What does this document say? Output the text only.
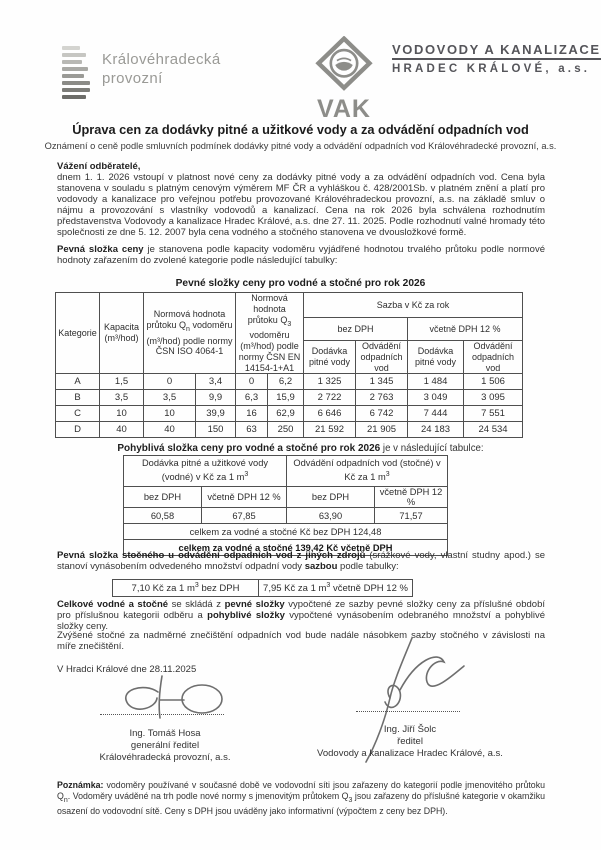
Královéhradecká
provozní
VAK
VODOVODY A KANALIZACE
HRADEC KRÁLOVÉ, a.s.
Úprava cen za dodávky pitné a užitkové vody a za odvádění odpadních vod
Oznámení o ceně podle smluvních podmínek dodávky pitné vody a odvádění odpadních vod Královéhradecké provozní, a.s.
Vážení odběratelé,

dnem 1. 1. 2026 vstoupí v platnost nové ceny za dodávky pitné vody a za odvádění odpadních vod. Cena byla stanovena v souladu s platným cenovým výměrem MF ČR a vyhláškou č. 428/2001Sb. v platném znění a platí pro vodovody a kanalizace pro veřejnou potřebu provozované Královéhradeckou provozní, a.s. na základě smluv o nájmu a provozování s vlastníky vodovodů a kanalizací. Cena na rok 2026 byla schválena rozhodnutím představenstva Vodovody a kanalizace Hradec Králové, a.s. dne 27. 11. 2025. Podle rozhodnutí valné hromady této společnosti ze dne 5. 12. 2007 byla cena vodného a stočného stanovena ve dvousložkové formě.

Pevná složka ceny je stanovena podle kapacity vodoměru vyjádřené hodnotou trvalého průtoku podle normové hodnoty zařazením do zvolené kategorie podle následující tabulky:

Pevné složky ceny pro vodné a stočné pro rok 2026
Kategorie	Kapacita (m³/hod)	Normová hodnota průtoku $Q_n$ vodoměru (m³/hod) podle normy ČSN ISO 4064-1		Normová hodnota průtoku $Q_3$ vodoměru (m³/hod) podle normy ČSN EN 14154-1+A1		Sazba v Kč za rok			
						bez DPH		včetně DPH 12 %	
						Dodávka pitné vody	Odvádění odpadních vod	Dodávka pitné vody	Odvádění odpadních vod
A	1,5	0	3,4	0	6,2	1 325	1 345	1 484	1 506
B	3,5	3,5	9,9	6,3	15,9	2 722	2 763	3 049	3 095
C	10	10	39,9	16	62,9	6 646	6 742	7 444	7 551
D	40	40	150	63	250	21 592	21 905	24 183	24 534
Pohyblivá složka ceny pro vodné a stočné pro rok 2026 je v následující tabulce:
Dodávka pitné a užitkové vody (vodné) v Kč za 1 $m^3$		Odvádění odpadních vod (stočné) v Kč za 1 $m^3$
bez DPH	včetně DPH 12 %	bez DPH	včetně DPH 12 %
60,58	67,85	63,90	71,57
celkem za vodné a stočné Kč bez DPH 124,48			
celkem za vodné a stočné 139,42 Kč včetně DPH			

Pevná složka stočného u odvádění odpadních vod z jiných zdrojů (srážkové vody, vlastní studny apod.) se stanoví vynásobením odvedeného množství odpadní vody sazbou podle tabulky:

7,10 Kč za 1 $m^3$ bez DPH	7,95 Kč za 1 $m^3$ včetně DPH 12 %

Celkové vodné a stočné se skládá z pevné složky vypočtené ze sazby pevné složky ceny za příslušné období pro příslušnou kategorii odběru a pohyblivé složky vypočtené vynásobením odebraného množství a pohyblivé složky ceny.

Zvýšené stočné za nadměrné znečištění odpadních vod bude nadále násobkem sazby stočného v závislosti na míře znečištění.

V Hradci Králové dne 28.11.2025
Ing. Tomáš Hosa
generální ředitel
Královéhradecká provozní, a.s.
Ing. Jiří Šolc
ředitel
Vodovody a kanalizace Hradec Králové, a.s.

Poznámka: vodoměry používané v současné době ve vodovodní síti jsou zařazeny do kategorií podle jmenovitého průtoku $Q_n$. Vodoměry uváděné na trh podle nové normy s jmenovitým průtokem $Q_3$ jsou zařazeny do příslušné kategorie v okamžiku osazení do vodovodní sítě. Ceny s DPH jsou uváděny jako informativní (výpočtem z ceny bez DPH).
